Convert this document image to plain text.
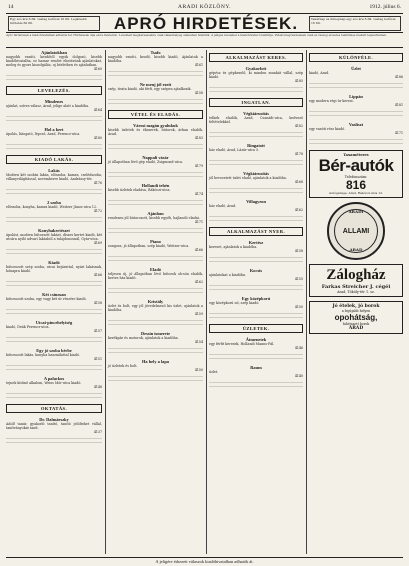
14	ARADI KÖZLÖNY.	1912. július 6.
Egy szó ára 6 fill. vastag betűvel 10 fill. Legkisebb hirdetés 60 fill.	APRÓ HIRDETÉSEK.	Vasárnap és ünnepnap egy szó ára 8 fill. vastag betűvel 16 fill.
Apró hirdetések a kiadóhivatalban adhatók fel. Hirdetések díja előre fizetendő. Levélbeli megkeresésekre csak válaszbélyeg ellenében felelünk. A jeligés leveleket a kiadóhivatal továbbítja. Vidéki megrendelések csak az összeg előzetes beküldése mellett teljesíttetnek.
Ajánlatokban
nagyobb vasúti, kezdőtől egyik dolgozó, kisebb kiadóhivatalba, ez hamar rendet elintézünk ajánlatokat, meleg és gyors kiszolgálás, uj bérletben és ajánlatban.
4160
LEVELEZÉS.
Mindenes
ajánlat, szíves válasz, Arad, jelige alatt a kiadóba.
4164
Hol a kert
ápolás, látogató, lépcső, Arad, Ferencz-utca.
4180
KIADÓ LAKÁS.
Lakás
Modern két szobás lakás, előszoba, kamra, cselédszoba, villanyvilágítással, novemberre kiadó, Andrássy-tér.
4176
2 szoba
előszoba, konyha, kamra kiadó, Weitzer János-utca 12.
4172
Konyhakertészet
ápolást, modern bútorzott lakást, díszes kertet kiadó, két utcára nyíló udvari lakásból a tulajdonosnál, Gyár-utca.
4169
Kiadó
bútorozott szép szoba, utcai bejárattal, nyári lakásnak, hónapra kiadó.
4166
Két csinosan
bútorozott szoba, egy vagy két úr részére kiadó.
4158
Utcai-pincehelyiség
kiadó, Deák Ferencz-utca.
4157
Egy jó szoba bérbe
bútorozott lakás, konyha használattal kiadó.
4151
A palackos
tejnek kitűnő alkalom, Weiss Mór-utca kiadó.
4148
OKTATÁS.
Dr. Dalmárszky
Adolf tanár, gyakorló tanító, tanító jelölteket vállal, tanítványokat tanít.
4137
Tsafo
nagyobb vasúti, kezdő, kisebb kiadó, Ajánlatok a kiadóba.
4161
Ne menj jól ezeit
szép, tiszta kiadó, aki férfi, egy szépen ajánlkozik.
4158
VÉTEL ÉS ELADÁS.
Városi magán gyalukuk
kisebb üzletek és ékszerek, bútorok, árban eladók, Arad.
4183
Nappali vásár
jó állapotban lévő gép eladó, Zsigmond-utca.
4179
Hollandi tehén
kisebb üzletek eladása, Rákóczi-utca.
4174
Ajánlom
rendesen jól bútorozott, kisebb egyéb, hajlandó eladni.
4171
Piano
zongora, jó állapotban, szép kiadó, Weitzer-utca.
4166
Eladó
teljesen új, jó állapotban lévő bútorok olcsón eladók, kertes ház kiadó.
4162
Kristály
üzlet és bolt, egy jól jövedelmező kis üzlet, ajánlatok a kiadóba.
4159
Dessin ismerete
kerékpár és motorok, ajánlatok a kiadóba.
4154
Ha hely a lapa
jó üzletek és bolt.
4150
ALKALMAZÁST KERES.
Gyakorlott
gépész és gépkezelő, ki minden munkát vállal, szép kiadó.
4185
INGATLAN.
Végkiárusítás
telkek eladók, Arad, Csanádi-utca, kedvező feltételekkel.
4182
Ringatott
ház eladó, Arad, Lázár-utca 5.
4178
Végkiárusítás
jól bevezetett üzlet eladó, ajánlatok a kiadóba.
4168
Villagyeon
ház eladó, Arad.
4162
ALKALMAZÁST NYER.
Kertész
kereset, ajánlatok a kiadóba.
4158
Kocsis
ajánlatokat a kiadóba.
4155
Egy középkorú
egy középkorú nő, szép kiadó.
4150
ÜZLETEK.
Átmenetek
egy férfit keresek, Hollandi Manns-Pál.
4146
Raum
üzlet.
4140
KÜLÖNFÉLE.
Üzlet
kiadó, Arad.
4186
Lippán
egy modern régi úr keresi.
4181
Vasliszt
egy vasúti rész kiadó.
4171
Taxaméteres
Bér-autók
Telefonszám:
816
Autógarage, Arad, Rákóczi-utca 12.
ARADI
ALLAMI
ARAD
Zálogház
Farkas Streicher J. cégéi
Arad, Tököly-tér 1. sz.
Jó ételek, jó borok
a legújabb helyen
opohátság,
fahéjazott borok
ARAD
A jeligére érkezett válaszok kiadóhivatalban adhatók át.
